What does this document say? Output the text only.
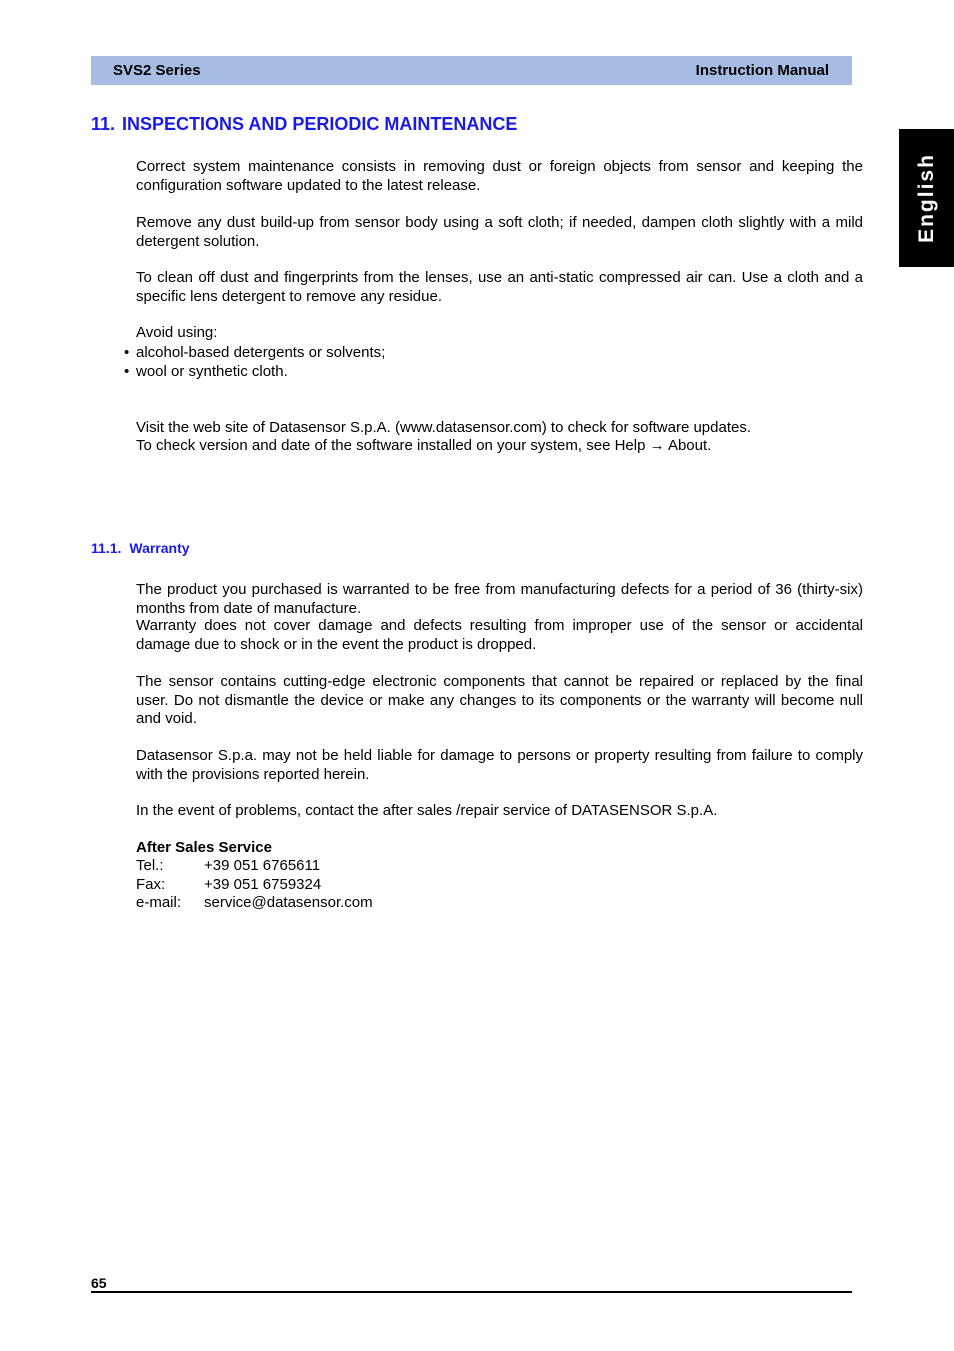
SVS2 Series	Instruction Manual
English
11. INSPECTIONS AND PERIODIC MAINTENANCE

Correct system maintenance consists in removing dust or foreign objects from sensor and keeping the configuration software updated to the latest release.

Remove any dust build-up from sensor body using a soft cloth; if needed, dampen cloth slightly with a mild detergent solution.

To clean off dust and fingerprints from the lenses, use an anti-static compressed air can. Use a cloth and a specific lens detergent to remove any residue.

Avoid using:

• alcohol-based detergents or solvents;
• wool or synthetic cloth.

Visit the web site of Datasensor S.p.A. (www.datasensor.com) to check for software updates.

To check version and date of the software installed on your system, see Help → About.

11.1. Warranty

The product you purchased is warranted to be free from manufacturing defects for a period of 36 (thirty-six) months from date of manufacture.

Warranty does not cover damage and defects resulting from improper use of the sensor or accidental damage due to shock or in the event the product is dropped.

The sensor contains cutting-edge electronic components that cannot be repaired or replaced by the final user. Do not dismantle the device or make any changes to its components or the warranty will become null and void.

Datasensor S.p.a. may not be held liable for damage to persons or property resulting from failure to comply with the provisions reported herein.

In the event of problems, contact the after sales /repair service of DATASENSOR S.p.A.

After Sales Service
Tel.:	+39 051 6765611
Fax:	+39 051 6759324
e-mail: service@datasensor.com
65
